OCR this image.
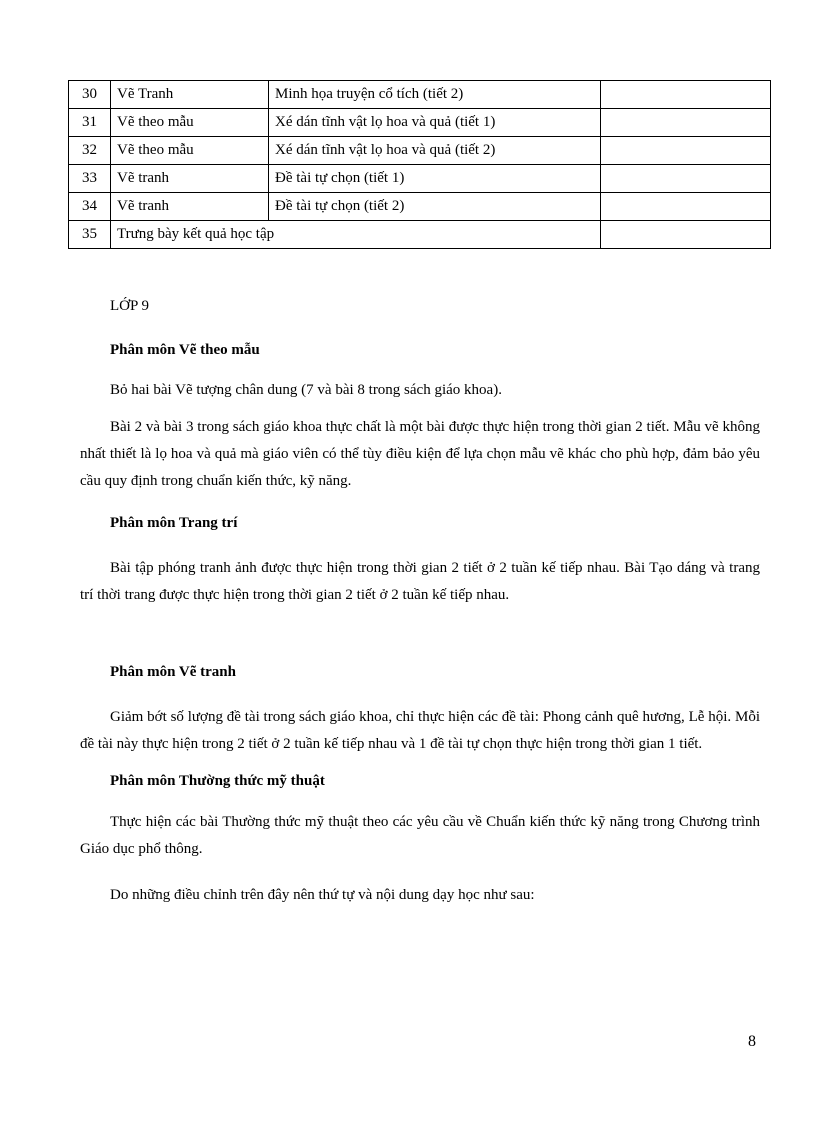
30	Vẽ Tranh	Minh họa truyện cổ tích (tiết 2)	
31	Vẽ theo mẫu	Xé dán tĩnh vật lọ hoa và quả (tiết 1)	
32	Vẽ theo mẫu	Xé dán tĩnh vật lọ hoa và quả (tiết 2)	
33	Vẽ tranh	Đề tài tự chọn (tiết 1)	
34	Vẽ tranh	Đề tài tự chọn (tiết 2)	
35	Trưng bày kết quả học tập		
LỚP 9
Phân môn Vẽ theo mẫu

Bỏ hai bài Vẽ tượng chân dung (7 và bài 8 trong sách giáo khoa).

Bài 2 và bài 3 trong sách giáo khoa thực chất là một bài được thực hiện trong thời gian 2 tiết. Mẫu vẽ không nhất thiết là lọ hoa và quả mà giáo viên có thể tùy điều kiện để lựa chọn mẫu vẽ khác cho phù hợp, đảm bảo yêu cầu quy định trong chuẩn kiến thức, kỹ năng.

Phân môn Trang trí

Bài tập phóng tranh ảnh được thực hiện trong thời gian 2 tiết ở 2 tuần kế tiếp nhau. Bài Tạo dáng và trang trí thời trang được thực hiện trong thời gian 2 tiết ở 2 tuần kế tiếp nhau.

Phân môn Vẽ tranh

Giảm bớt số lượng đề tài trong sách giáo khoa, chỉ thực hiện các đề tài: Phong cảnh quê hương, Lễ hội. Mỗi đề tài này thực hiện trong 2 tiết ở 2 tuần kế tiếp nhau và 1 đề tài tự chọn thực hiện trong thời gian 1 tiết.

Phân môn Thường thức mỹ thuật

Thực hiện các bài Thường thức mỹ thuật theo các yêu cầu về Chuẩn kiến thức kỹ năng trong Chương trình Giáo dục phổ thông.

Do những điều chỉnh trên đây nên thứ tự và nội dung dạy học như sau:

8
